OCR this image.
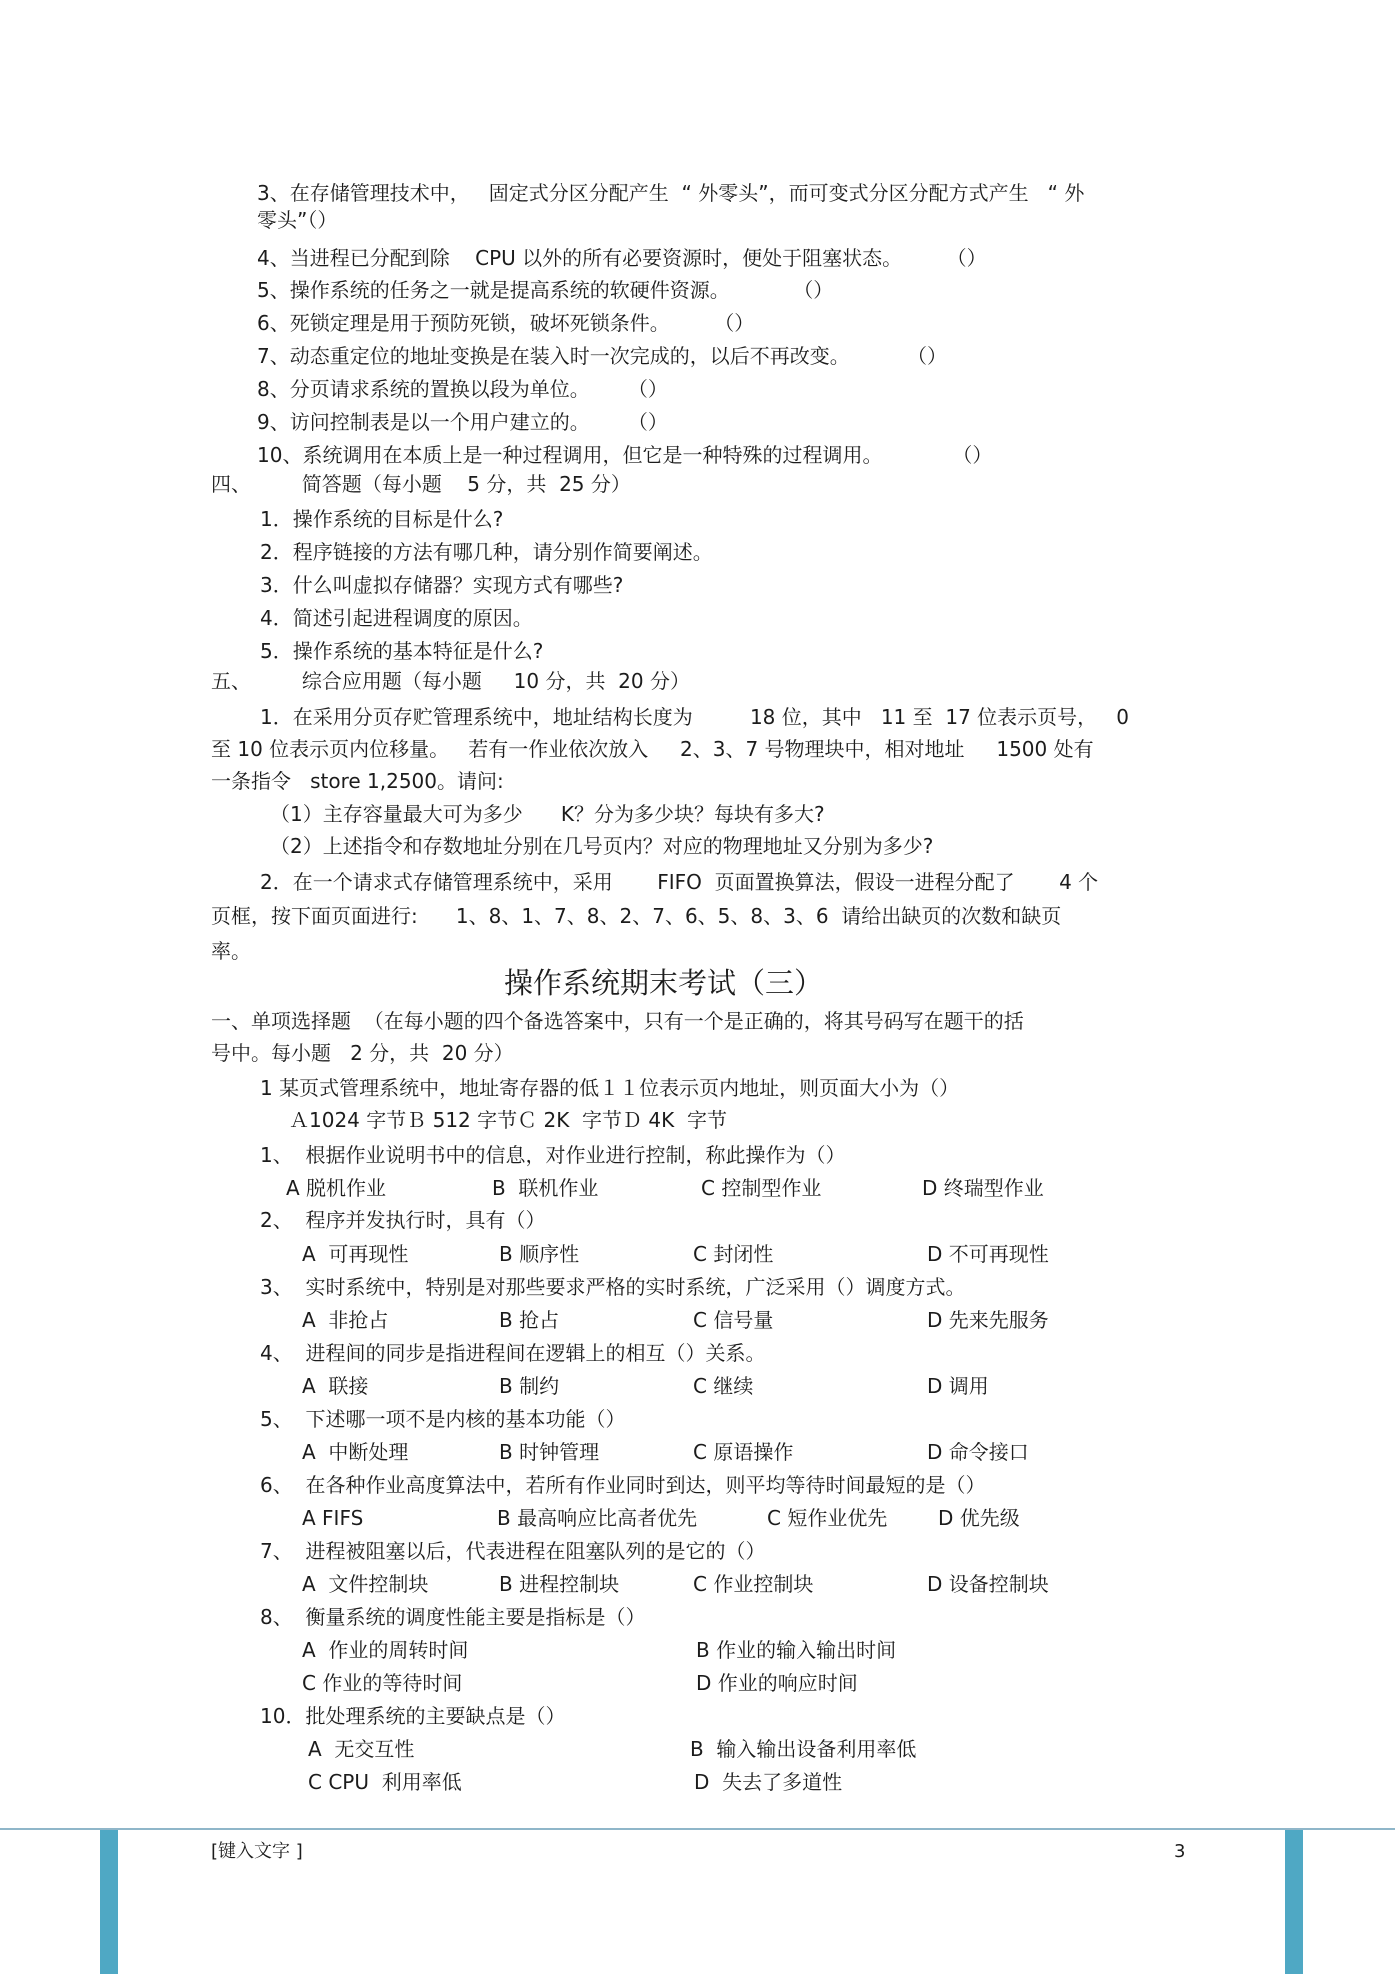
3、在存储管理技术中，   固定式分区分配产生  “ 外零头”，而可变式分区分配方式产生   “ 外
零头”（）
4、当进程已分配到除    CPU 以外的所有必要资源时，便处于阻塞状态。       （）
5、操作系统的任务之一就是提高系统的软硬件资源。          （）
6、死锁定理是用于预防死锁，破坏死锁条件。       （）
7、动态重定位的地址变换是在装入时一次完成的，以后不再改变。         （）
8、分页请求系统的置换以段为单位。      （）
9、访问控制表是以一个用户建立的。      （）
10、系统调用在本质上是一种过程调用，但它是一种特殊的过程调用。           （）
四、        简答题（每小题    5 分，共  25 分）
1．操作系统的目标是什么?
2．程序链接的方法有哪几种，请分别作简要阐述。
3．什么叫虚拟存储器？实现方式有哪些?
4．简述引起进程调度的原因。
5．操作系统的基本特征是什么?
五、        综合应用题（每小题     10 分，共  20 分）
1．在采用分页存贮管理系统中，地址结构长度为         18 位，其中   11 至  17 位表示页号，   0
至 10 位表示页内位移量。   若有一作业依次放入     2、3、7 号物理块中，相对地址     1500 处有
一条指令   store 1,2500。请问:
（1）主存容量最大可为多少      K？分为多少块？每块有多大?
（2）上述指令和存数地址分别在几号页内？对应的物理地址又分别为多少?
2．在一个请求式存储管理系统中，采用       FIFO  页面置换算法，假设一进程分配了       4 个
页框，按下面页面进行:      1、8、1、7、8、2、7、6、5、8、3、6  请给出缺页的次数和缺页
率。
操作系统期末考试（三）
一、单项选择题  （在每小题的四个备选答案中，只有一个是正确的，将其号码写在题干的括
号中。每小题   2 分，共  20 分）
1 某页式管理系统中，地址寄存器的低１１位表示页内地址，则页面大小为（）
Ａ1024 字节Ｂ 512 字节Ｃ 2K  字节Ｄ 4K  字节
1、  根据作业说明书中的信息，对作业进行控制，称此操作为（）
A 脱机作业	B  联机作业	C 控制型作业	D 终瑞型作业
2、  程序并发执行时，具有（）
A  可再现性	B 顺序性	C 封闭性	D 不可再现性
3、  实时系统中，特别是对那些要求严格的实时系统，广泛采用（）调度方式。
A  非抢占	B 抢占	C 信号量	D 先来先服务
4、  进程间的同步是指进程间在逻辑上的相互（）关系。
A  联接	B 制约	C 继续	D 调用
5、  下述哪一项不是内核的基本功能（）
A  中断处理	B 时钟管理	C 原语操作	D 命令接口
6、  在各种作业高度算法中，若所有作业同时到达，则平均等待时间最短的是（）
A FIFS	B 最高响应比高者优先	C 短作业优先	D 优先级
7、  进程被阻塞以后，代表进程在阻塞队列的是它的（）
A  文件控制块	B 进程控制块	C 作业控制块	D 设备控制块
8、  衡量系统的调度性能主要是指标是（）
A  作业的周转时间	B 作业的输入输出时间
C 作业的等待时间	D 作业的响应时间
10．批处理系统的主要缺点是（）
A  无交互性	B  输入输出设备利用率低
C CPU  利用率低	D  失去了多道性
[键入文字 ]	3
